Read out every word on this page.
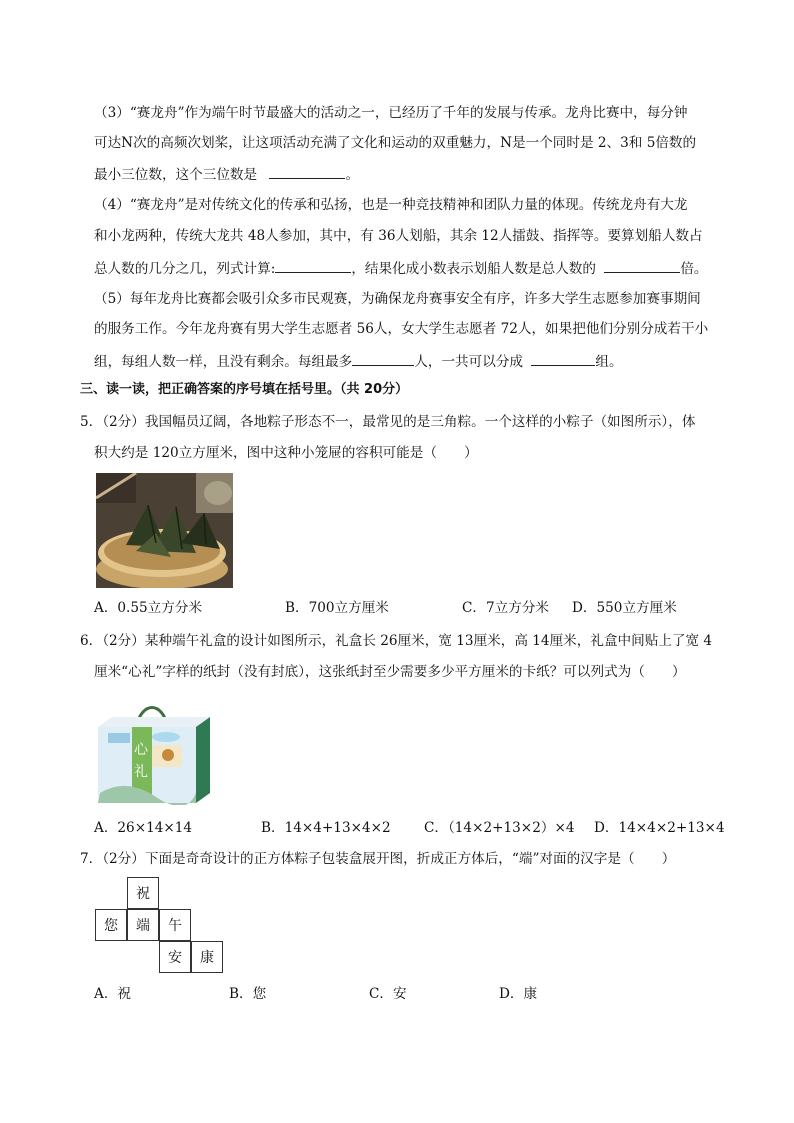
（3）“赛龙舟”作为端午时节最盛大的活动之一，已经历了千年的发展与传承。龙舟比赛中，每分钟
可达N次的高频次划桨，让这项活动充满了文化和运动的双重魅力，N是一个同时是 2、3和 5倍数的
最小三位数，这个三位数是	。
（4）“赛龙舟”是对传统文化的传承和弘扬，也是一种竞技精神和团队力量的体现。传统龙舟有大龙
和小龙两种，传统大龙共 48人参加，其中，有 36人划船，其余 12人擂鼓、指挥等。要算划船人数占
总人数的几分之几，列式计算:	，结果化成小数表示划船人数是总人数的	倍。
（5）每年龙舟比赛都会吸引众多市民观赛，为确保龙舟赛事安全有序，许多大学生志愿参加赛事期间
的服务工作。今年龙舟赛有男大学生志愿者 56人，女大学生志愿者 72人，如果把他们分别分成若干小
组，每组人数一样，且没有剩余。每组最多	人，一共可以分成	组。
三、读一读，把正确答案的序号填在括号里。（共 20分）
5．（2分）我国幅员辽阔，各地粽子形态不一，最常见的是三角粽。一个这样的小粽子（如图所示），体
积大约是 120立方厘米，图中这种小笼屉的容积可能是（　　）
A．0.55立方分米	B．700立方厘米	C．7立方分米 D．550立方厘米
6．（2分）某种端午礼盒的设计如图所示，礼盒长 26厘米，宽 13厘米，高 14厘米，礼盒中间贴上了宽 4
厘米“心礼”字样的纸封（没有封底），这张纸封至少需要多少平方厘米的卡纸？可以列式为（　　）
心
礼
A．26×14×14	B．14×4+13×4×2 C．（14×2+13×2）×4 D．14×4×2+13×4
7．（2分）下面是奇奇设计的正方体粽子包装盒展开图，折成正方体后，“端”对面的汉字是（　　）
祝
您	端	午
安	康
A．祝	B．您	C．安	D．康
